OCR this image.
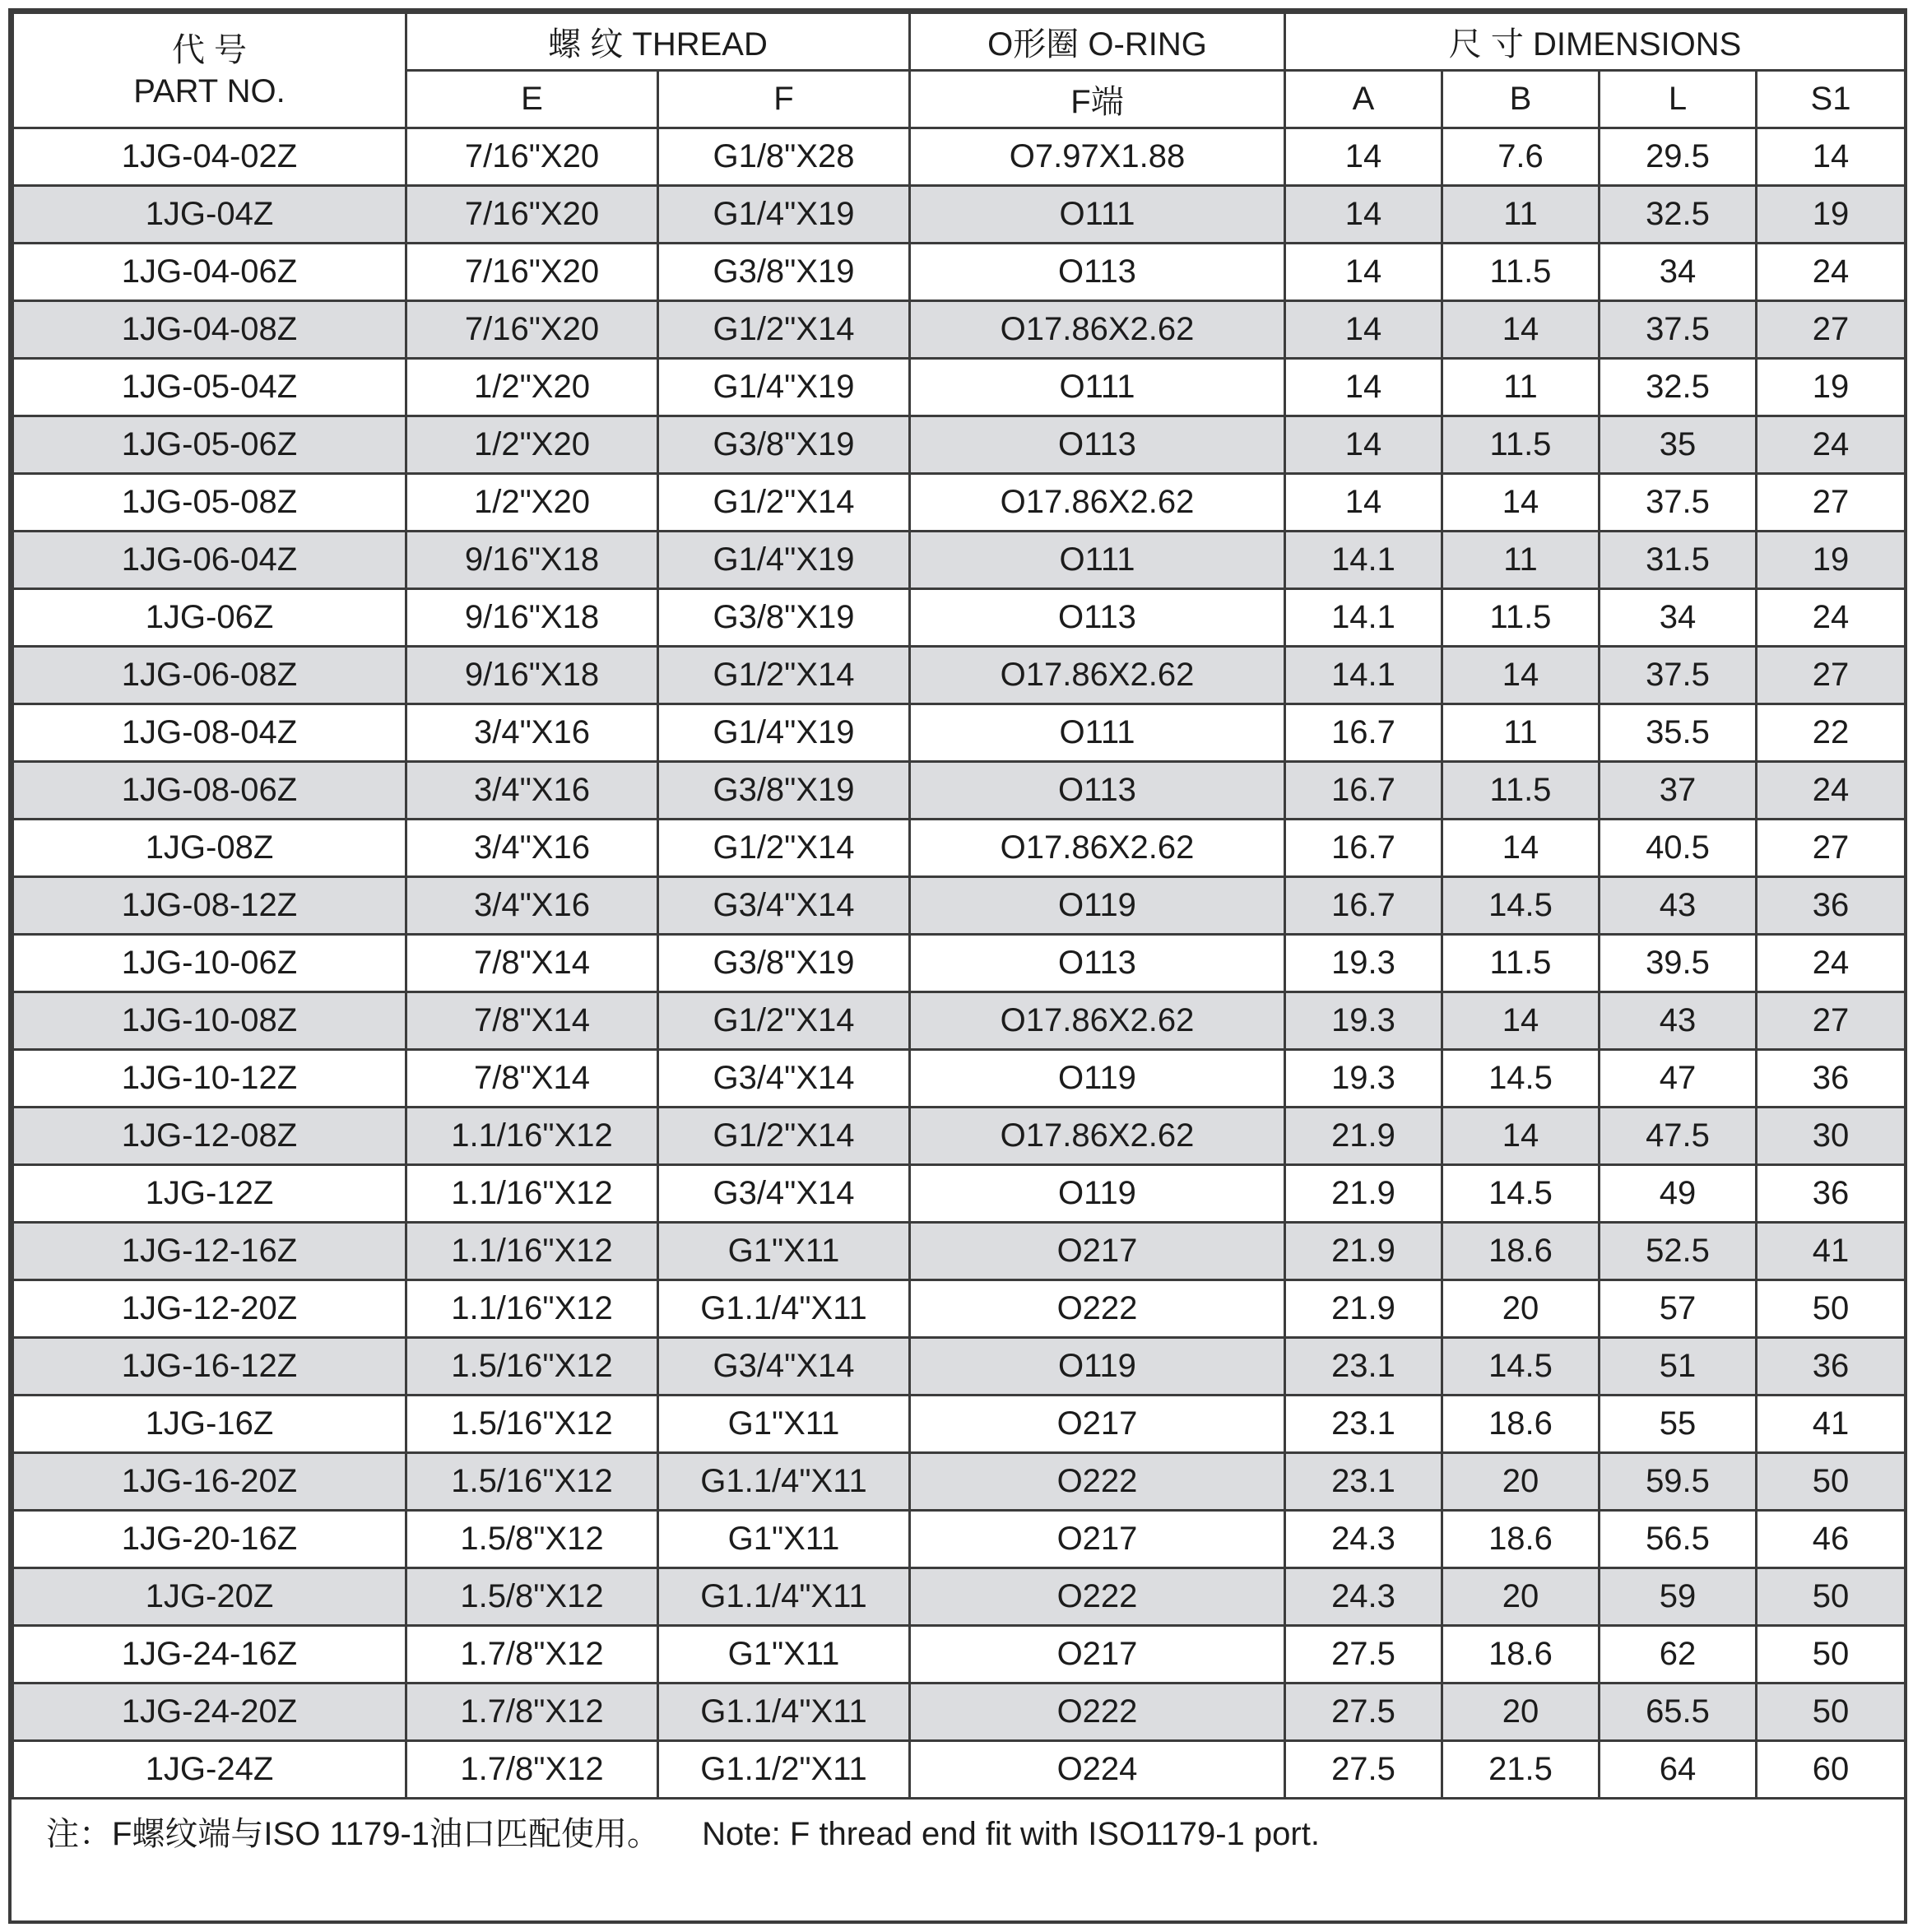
代 号
PART NO.	螺 纹 THREAD		O形圈 O-RING	尺 寸 DIMENSIONS			
	E	F	F端	A	B	L	S1
1JG-04-02Z	7/16"X20	G1/8"X28	O7.97X1.88	14	7.6	29.5	14
1JG-04Z	7/16"X20	G1/4"X19	O111	14	11	32.5	19
1JG-04-06Z	7/16"X20	G3/8"X19	O113	14	11.5	34	24
1JG-04-08Z	7/16"X20	G1/2"X14	O17.86X2.62	14	14	37.5	27
1JG-05-04Z	1/2"X20	G1/4"X19	O111	14	11	32.5	19
1JG-05-06Z	1/2"X20	G3/8"X19	O113	14	11.5	35	24
1JG-05-08Z	1/2"X20	G1/2"X14	O17.86X2.62	14	14	37.5	27
1JG-06-04Z	9/16"X18	G1/4"X19	O111	14.1	11	31.5	19
1JG-06Z	9/16"X18	G3/8"X19	O113	14.1	11.5	34	24
1JG-06-08Z	9/16"X18	G1/2"X14	O17.86X2.62	14.1	14	37.5	27
1JG-08-04Z	3/4"X16	G1/4"X19	O111	16.7	11	35.5	22
1JG-08-06Z	3/4"X16	G3/8"X19	O113	16.7	11.5	37	24
1JG-08Z	3/4"X16	G1/2"X14	O17.86X2.62	16.7	14	40.5	27
1JG-08-12Z	3/4"X16	G3/4"X14	O119	16.7	14.5	43	36
1JG-10-06Z	7/8"X14	G3/8"X19	O113	19.3	11.5	39.5	24
1JG-10-08Z	7/8"X14	G1/2"X14	O17.86X2.62	19.3	14	43	27
1JG-10-12Z	7/8"X14	G3/4"X14	O119	19.3	14.5	47	36
1JG-12-08Z	1.1/16"X12	G1/2"X14	O17.86X2.62	21.9	14	47.5	30
1JG-12Z	1.1/16"X12	G3/4"X14	O119	21.9	14.5	49	36
1JG-12-16Z	1.1/16"X12	G1"X11	O217	21.9	18.6	52.5	41
1JG-12-20Z	1.1/16"X12	G1.1/4"X11	O222	21.9	20	57	50
1JG-16-12Z	1.5/16"X12	G3/4"X14	O119	23.1	14.5	51	36
1JG-16Z	1.5/16"X12	G1"X11	O217	23.1	18.6	55	41
1JG-16-20Z	1.5/16"X12	G1.1/4"X11	O222	23.1	20	59.5	50
1JG-20-16Z	1.5/8"X12	G1"X11	O217	24.3	18.6	56.5	46
1JG-20Z	1.5/8"X12	G1.1/4"X11	O222	24.3	20	59	50
1JG-24-16Z	1.7/8"X12	G1"X11	O217	27.5	18.6	62	50
1JG-24-20Z	1.7/8"X12	G1.1/4"X11	O222	27.5	20	65.5	50
1JG-24Z	1.7/8"X12	G1.1/2"X11	O224	27.5	21.5	64	60
注：F螺纹端与ISO 1179-1油口匹配使用。 Note: F thread end fit with ISO1179-1 port.
